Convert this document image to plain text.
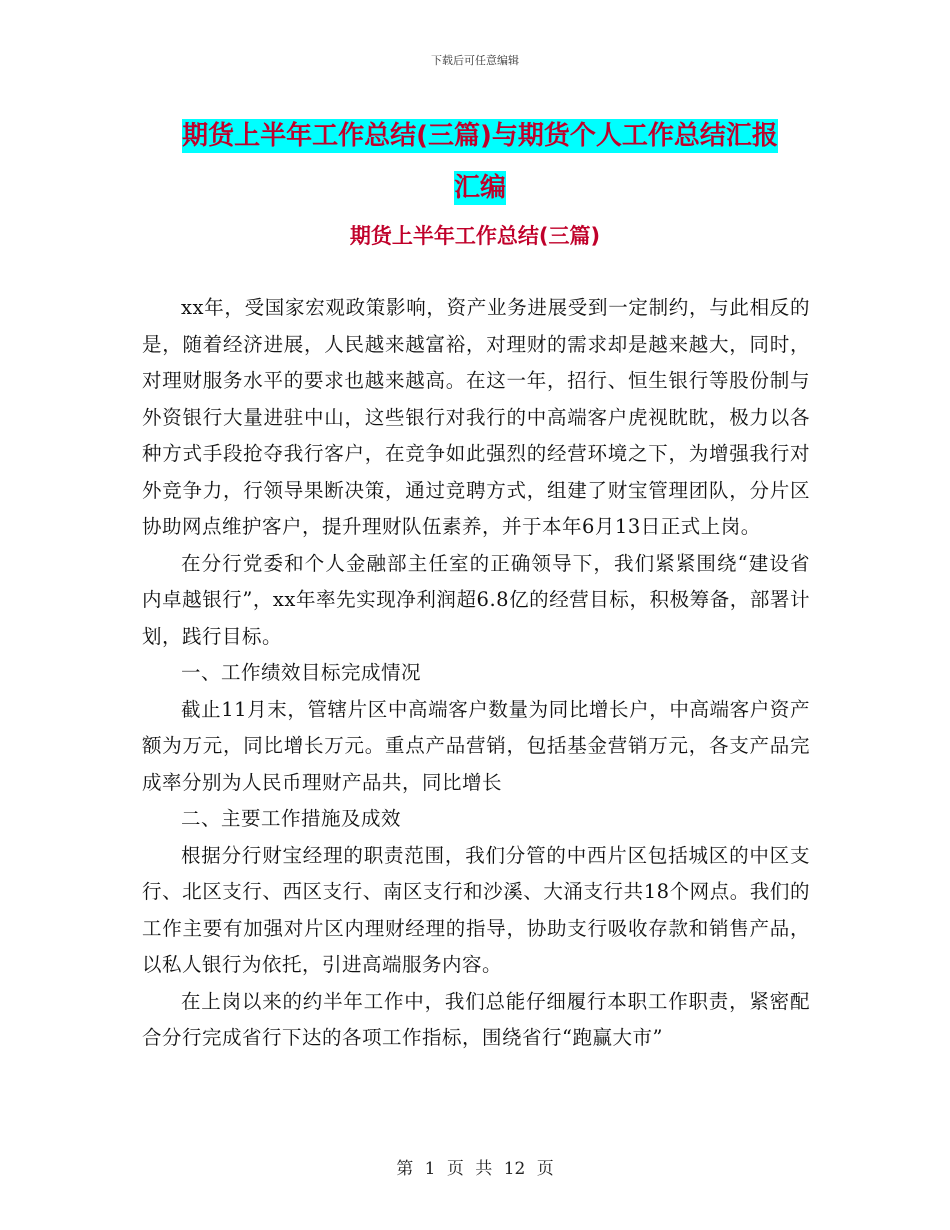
下载后可任意编辑
期货上半年工作总结(三篇)与期货个人工作总结汇报
汇编
期货上半年工作总结(三篇)

xx年，受国家宏观政策影响，资产业务进展受到一定制约，与此相反的是，随着经济进展，人民越来越富裕，对理财的需求却是越来越大，同时，对理财服务水平的要求也越来越高。在这一年，招行、恒生银行等股份制与外资银行大量进驻中山，这些银行对我行的中高端客户虎视眈眈，极力以各种方式手段抢夺我行客户，在竞争如此强烈的经营环境之下，为增强我行对外竞争力，行领导果断决策，通过竞聘方式，组建了财宝管理团队，分片区协助网点维护客户，提升理财队伍素养，并于本年6月13日正式上岗。

在分行党委和个人金融部主任室的正确领导下，我们紧紧围绕“建设省内卓越银行”，xx年率先实现净利润超6.8亿的经营目标，积极筹备，部署计划，践行目标。

一、工作绩效目标完成情况

截止11月末，管辖片区中高端客户数量为同比增长户，中高端客户资产额为万元，同比增长万元。重点产品营销，包括基金营销万元，各支产品完成率分别为人民币理财产品共，同比增长

二、主要工作措施及成效

根据分行财宝经理的职责范围，我们分管的中西片区包括城区的中区支行、北区支行、西区支行、南区支行和沙溪、大涌支行共18个网点。我们的工作主要有加强对片区内理财经理的指导，协助支行吸收存款和销售产品，以私人银行为依托，引进高端服务内容。

在上岗以来的约半年工作中，我们总能仔细履行本职工作职责，紧密配合分行完成省行下达的各项工作指标，围绕省行“跑赢大市”

第 1 页 共 12 页
